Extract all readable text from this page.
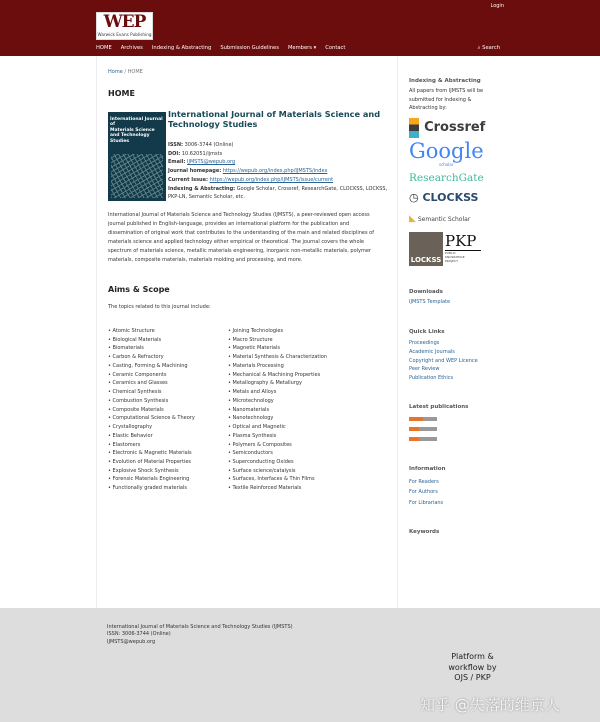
Login
WEP
Warwick Evans Publishing
HOME Archives Indexing & Abstracting Submission Guidelines Members ▾ Contact	⌕ Search
Home / HOME
HOME
International Journal of
Materials Science and Technology Studies
International Journal of Materials Science and Technology Studies
ISSN: 3006-3744 (Online)
DOI: 10.62051/ijmsts
Email: IJMSTS@wepub.org
Journal homepage: https://wepub.org/index.php/IJMSTS/index
Current Issue: https://wepub.org/index.php/IJMSTS/issue/current
Indexing & Abstracting: Google Scholar, Crossref, ResearchGate, CLOCKSS, LOCKSS, PKP-LN, Semantic Scholar, etc.

International Journal of Materials Science and Technology Studies (IJMSTS), a peer-reviewed open access journal published in English-language, provides an international platform for the publication and dissemination of original work that contributes to the understanding of the main and related disciplines of materials science and applied technology either empirical or theoretical. The journal covers the whole spectrum of materials science, metallic materials engineering, inorganic non-metallic materials, polymer materials, composite materials, materials molding and processing, and more.

Aims & Scope
The topics related to this journal include:
• Atomic Structure
• Biological Materials
• Biomaterials
• Carbon & Refractory
• Casting, Forming & Machining
• Ceramic Components
• Ceramics and Glasses
• Chemical Synthesis
• Combustion Synthesis
• Composite Materials
• Computational Science & Theory
• Crystallography
• Elastic Behavior
• Elastomers
• Electronic & Magnetic Materials
• Evolution of Material Properties
• Explosive Shock Synthesis
• Forensic Materials Engineering
• Functionally graded materials
• Joining Technologies
• Macro Structure
• Magnetic Materials
• Material Synthesis & Characterization
• Materials Processing
• Mechanical & Machining Properties
• Metallography & Metallurgy
• Metals and Alloys
• Microtechnology
• Nanomaterials
• Nanotechnology
• Optical and Magnetic
• Plasma Synthesis
• Polymers & Composites
• Semiconductors
• Superconducting Oxides
• Surface science/catalysis
• Surfaces, Interfaces & Thin Films
• Textile Reinforced Materials
Indexing & Abstracting
All papers from IJMSTS will be submitted for Indexing & Abstracting by:
Crossref
Google
scholar
ResearchGate
◷ CLOCKSS
◣ Semantic Scholar
LOCKSS
PKP
PUBLIC KNOWLEDGE PROJECT
Downloads
IJMSTS Template
Quick Links
Proceedings
Academic Journals
Copyright and WEP Licence
Peer Review
Publication Ethics
Latest publications
Information
For Readers
For Authors
For Librarians
Keywords
International Journal of Materials Science and Technology Studies (IJMSTS)
ISSN: 3006-3744 (Online)
IJMSTS@wepub.org
Platform & workflow by OJS / PKP
知乎 @失落的维京人
